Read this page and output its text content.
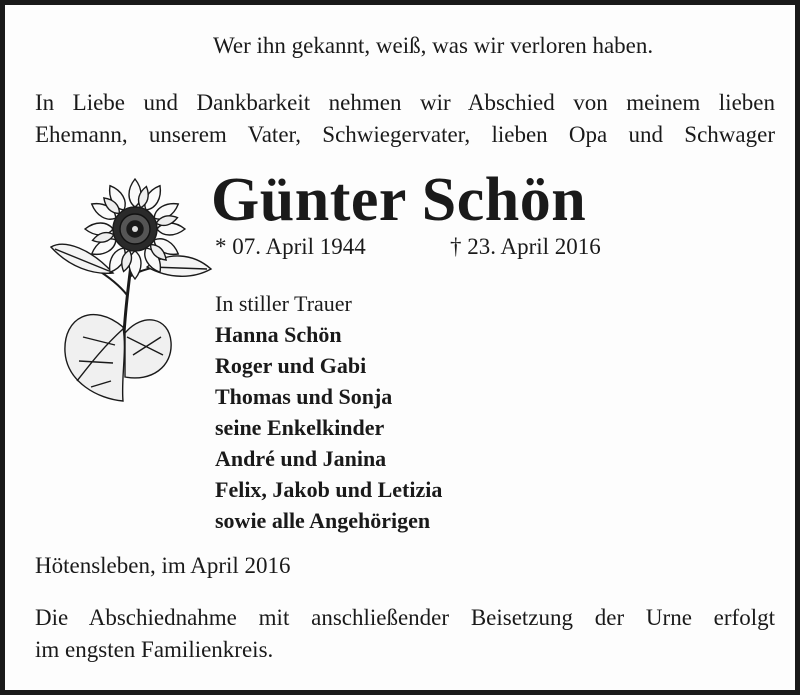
Wer ihn gekannt, weiß, was wir verloren haben.
In Liebe und Dankbarkeit nehmen wir Abschied von meinem lieben
Ehemann, unserem Vater, Schwiegervater, lieben Opa und Schwager
Günter Schön
* 07. April 1944	† 23. April 2016
In stiller Trauer
Hanna Schön
Roger und Gabi
Thomas und Sonja
seine Enkelkinder
André und Janina
Felix, Jakob und Letizia
sowie alle Angehörigen
Hötensleben, im April 2016
Die Abschiednahme mit anschließender Beisetzung der Urne erfolgt
im engsten Familienkreis.
